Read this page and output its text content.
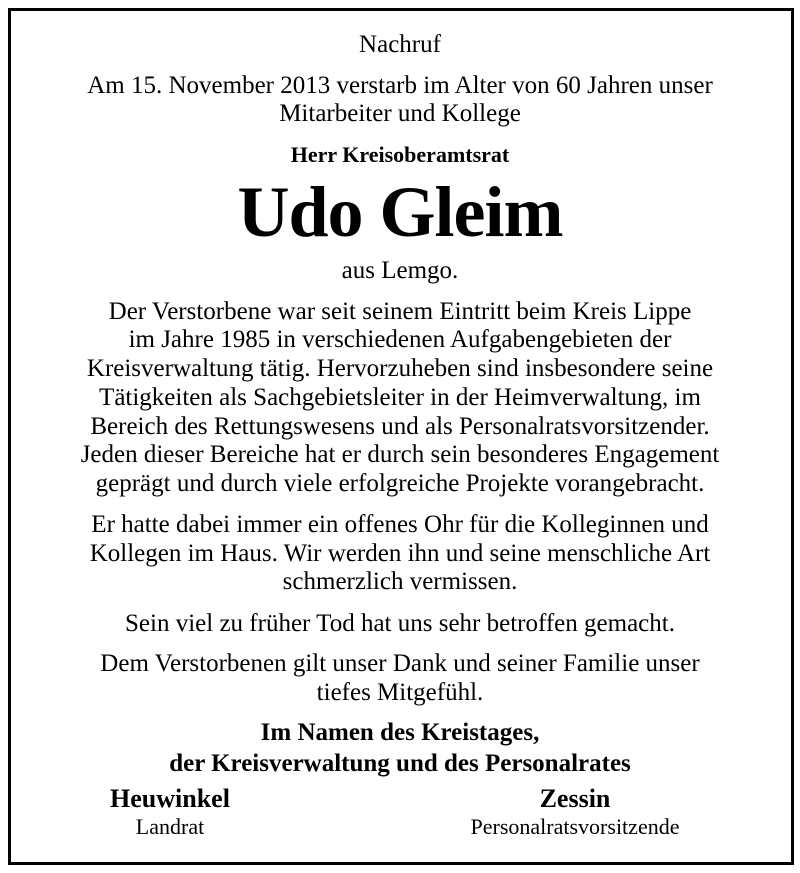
Nachruf
Am 15. November 2013 verstarb im Alter von 60 Jahren unser
Mitarbeiter und Kollege
Herr Kreisoberamtsrat
Udo Gleim
aus Lemgo.
Der Verstorbene war seit seinem Eintritt beim Kreis Lippe
im Jahre 1985 in verschiedenen Aufgabengebieten der
Kreisverwaltung tätig. Hervorzuheben sind insbesondere seine
Tätigkeiten als Sachgebietsleiter in der Heimverwaltung, im
Bereich des Rettungswesens und als Personalratsvorsitzender.
Jeden dieser Bereiche hat er durch sein besonderes Engagement
geprägt und durch viele erfolgreiche Projekte vorangebracht.
Er hatte dabei immer ein offenes Ohr für die Kolleginnen und
Kollegen im Haus. Wir werden ihn und seine menschliche Art
schmerzlich vermissen.
Sein viel zu früher Tod hat uns sehr betroffen gemacht.
Dem Verstorbenen gilt unser Dank und seiner Familie unser
tiefes Mitgefühl.
Im Namen des Kreistages,
der Kreisverwaltung und des Personalrates
Heuwinkel
Landrat
Zessin
Personalratsvorsitzende
